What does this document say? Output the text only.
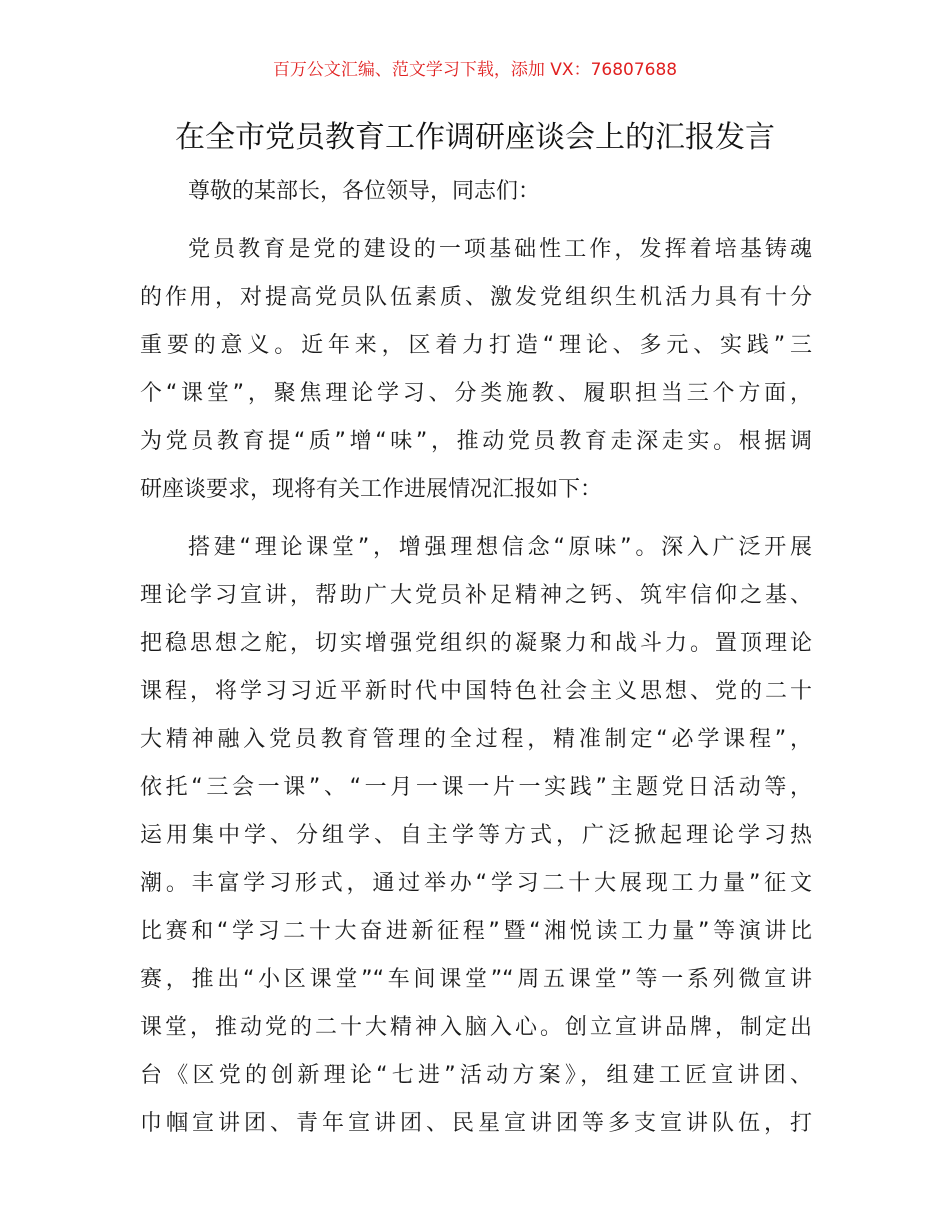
百万公文汇编、范文学习下载，添加 VX：76807688
在全市党员教育工作调研座谈会上的汇报发言
尊敬的某部长，各位领导，同志们：
党员教育是党的建设的一项基础性工作，发挥着培基铸魂
的作用，对提高党员队伍素质、激发党组织生机活力具有十分
重要的意义。近年来，区着力打造“理论、多元、实践”三
个“课堂”，聚焦理论学习、分类施教、履职担当三个方面，
为党员教育提“质”增“味”，推动党员教育走深走实。根据调
研座谈要求，现将有关工作进展情况汇报如下：
搭建“理论课堂”，增强理想信念“原味”。深入广泛开展
理论学习宣讲，帮助广大党员补足精神之钙、筑牢信仰之基、
把稳思想之舵，切实增强党组织的凝聚力和战斗力。置顶理论
课程，将学习习近平新时代中国特色社会主义思想、党的二十
大精神融入党员教育管理的全过程，精准制定“必学课程”，
依托“三会一课”、“一月一课一片一实践”主题党日活动等，
运用集中学、分组学、自主学等方式，广泛掀起理论学习热
潮。丰富学习形式，通过举办“学习二十大展现工力量”征文
比赛和“学习二十大奋进新征程”暨“湘悦读工力量”等演讲比
赛，推出“小区课堂”“车间课堂”“周五课堂”等一系列微宣讲
课堂，推动党的二十大精神入脑入心。创立宣讲品牌，制定出
台《区党的创新理论“七进”活动方案》，组建工匠宣讲团、
巾帼宣讲团、青年宣讲团、民星宣讲团等多支宣讲队伍，打
